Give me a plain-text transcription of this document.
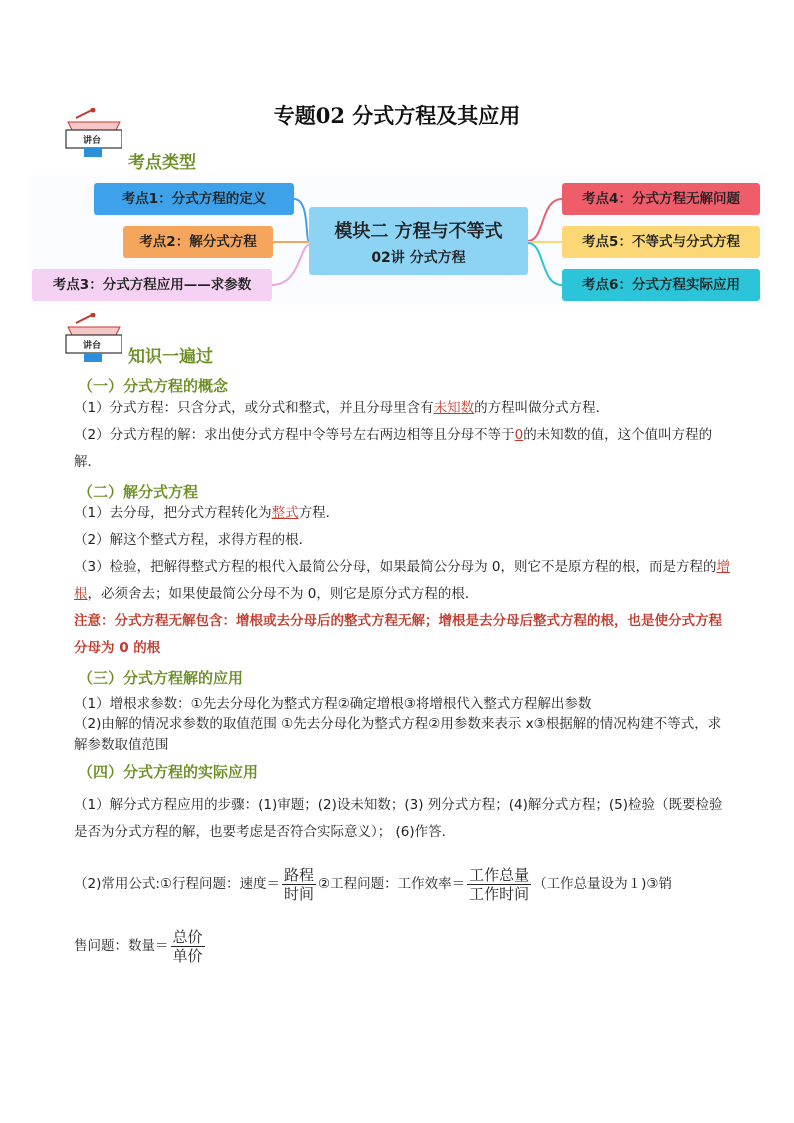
专题02 分式方程及其应用
讲台
考点类型
考点1：分式方程的定义
考点2：解分式方程
考点3：分式方程应用——求参数
考点4：分式方程无解问题
考点5：不等式与分式方程
考点6：分式方程实际应用
模块二 方程与不等式
02讲 分式方程
讲台
知识一遍过
（一）分式方程的概念
（1）分式方程：只含分式，或分式和整式，并且分母里含有未知数的方程叫做分式方程．
（2）分式方程的解：求出使分式方程中令等号左右两边相等且分母不等于0的未知数的值，这个值叫方程的解．
（二）解分式方程
（1）去分母，把分式方程转化为整式方程．
（2）解这个整式方程，求得方程的根．
（3）检验，把解得整式方程的根代入最简公分母，如果最简公分母为 0，则它不是原方程的根，而是方程的增根，必须舍去；如果使最简公分母不为 0，则它是原分式方程的根．
注意：分式方程无解包含：增根或去分母后的整式方程无解；增根是去分母后整式方程的根，也是使分式方程分母为 0 的根
（三）分式方程解的应用
（1）增根求参数：①先去分母化为整式方程②确定增根③将增根代入整式方程解出参数
（2)由解的情况求参数的取值范围 ①先去分母化为整式方程②用参数来表示 x③根据解的情况构建不等式，求解参数取值范围
（四）分式方程的实际应用
（1）解分式方程应用的步骤：(1)审题；(2)设未知数；(3) 列分式方程；(4)解分式方程；(5)检验（既要检验是否为分式方程的解，也要考虑是否符合实际意义）； (6)作答．
（2)常用公式:①行程问题：速度＝ $\frac{\text{路程}}{\text{时间}}$ ②工程问题：工作效率＝ $\frac{\text{工作总量}}{\text{工作时间}}$ （工作总量设为１)③销
售问题：数量＝ $\frac{\text{总价}}{\text{单价}}$
